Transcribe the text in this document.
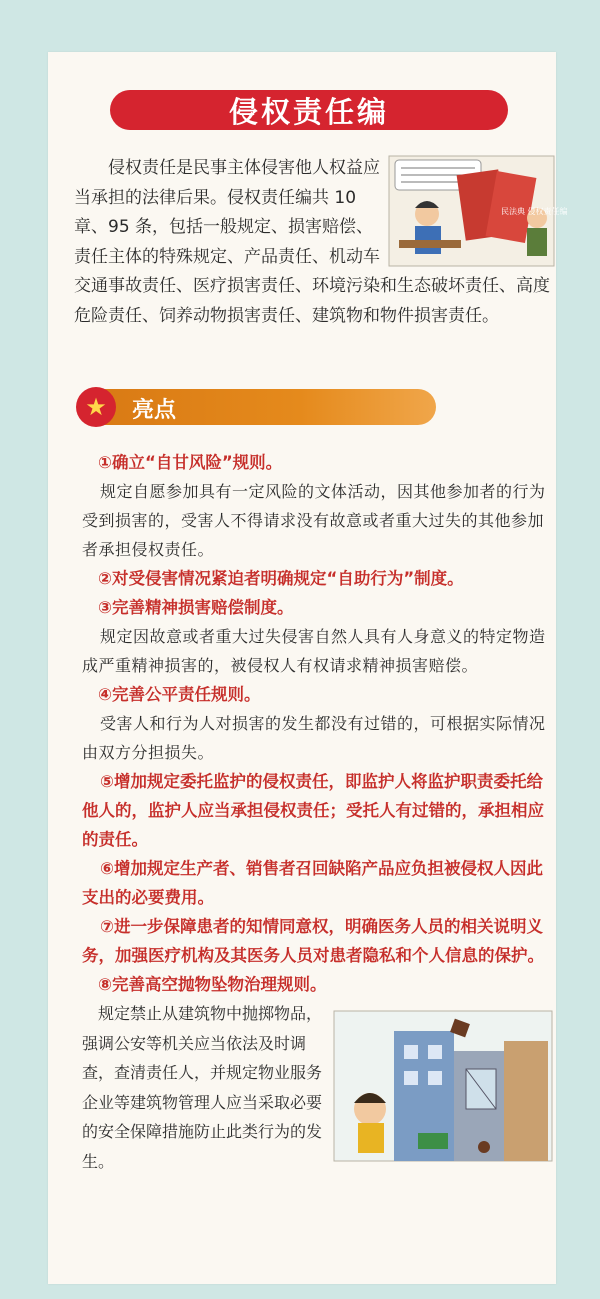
侵权责任编
民法典 侵权责任编

侵权责任是民事主体侵害他人权益应当承担的法律后果。侵权责任编共 10 章、95 条，包括一般规定、损害赔偿、责任主体的特殊规定、产品责任、机动车交通事故责任、医疗损害责任、环境污染和生态破坏责任、高度危险责任、饲养动物损害责任、建筑物和物件损害责任。

★	亮点

①确立“自甘风险”规则。

规定自愿参加具有一定风险的文体活动，因其他参加者的行为受到损害的，受害人不得请求没有故意或者重大过失的其他参加者承担侵权责任。

②对受侵害情况紧迫者明确规定“自助行为”制度。

③完善精神损害赔偿制度。

规定因故意或者重大过失侵害自然人具有人身意义的特定物造成严重精神损害的，被侵权人有权请求精神损害赔偿。

④完善公平责任规则。

受害人和行为人对损害的发生都没有过错的，可根据实际情况由双方分担损失。

⑤增加规定委托监护的侵权责任，即监护人将监护职责委托给他人的，监护人应当承担侵权责任；受托人有过错的，承担相应的责任。

⑥增加规定生产者、销售者召回缺陷产品应负担被侵权人因此支出的必要费用。

⑦进一步保障患者的知情同意权，明确医务人员的相关说明义务，加强医疗机构及其医务人员对患者隐私和个人信息的保护。

⑧完善高空抛物坠物治理规则。

规定禁止从建筑物中抛掷物品，强调公安等机关应当依法及时调查，查清责任人，并规定物业服务企业等建筑物管理人应当采取必要的安全保障措施防止此类行为的发生。
